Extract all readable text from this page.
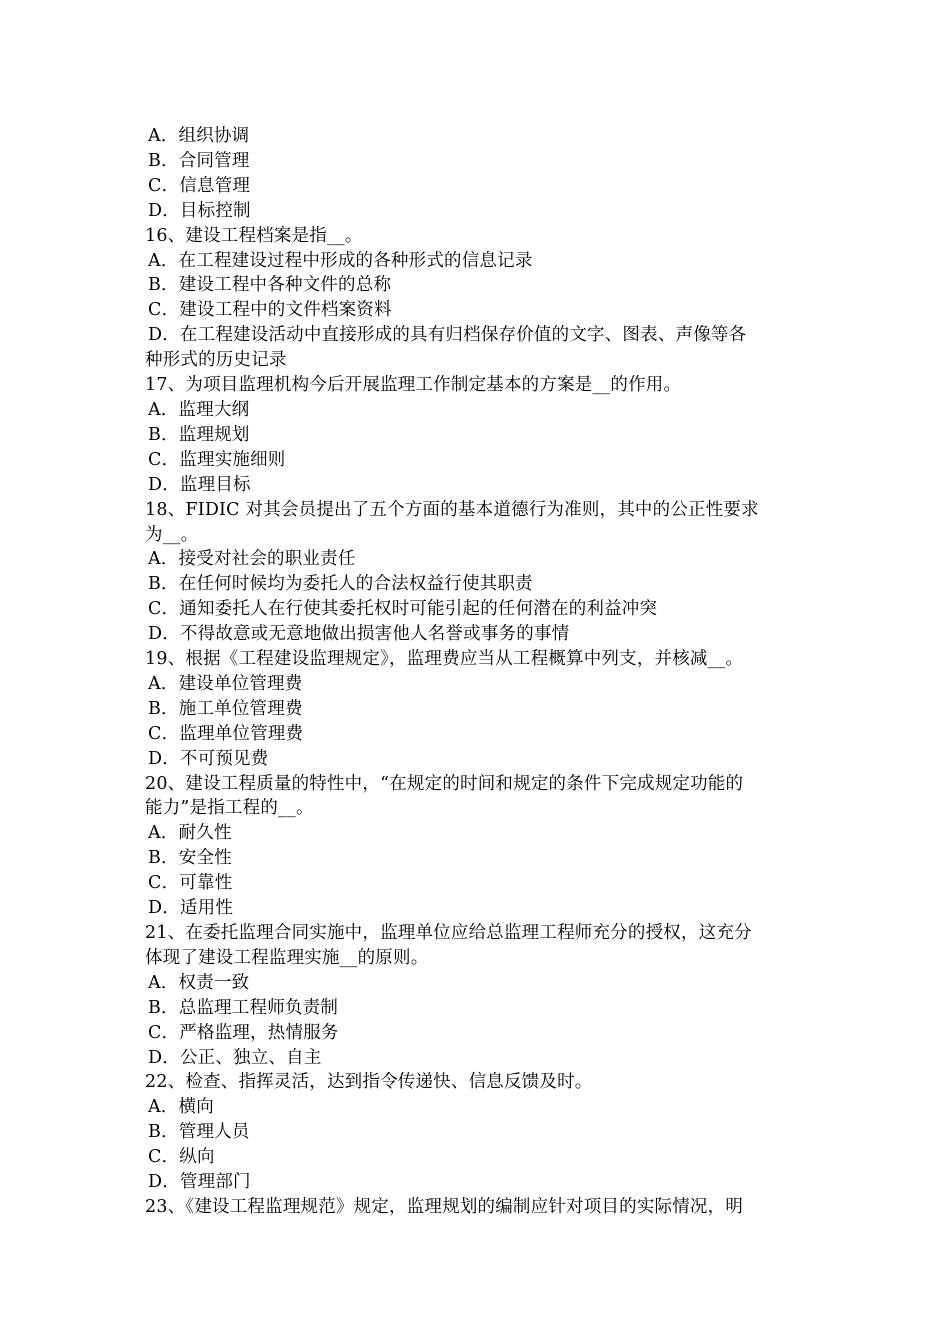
A．组织协调
B．合同管理
C．信息管理
D．目标控制
16、建设工程档案是指__。
A．在工程建设过程中形成的各种形式的信息记录
B．建设工程中各种文件的总称
C．建设工程中的文件档案资料
D．在工程建设活动中直接形成的具有归档保存价值的文字、图表、声像等各
种形式的历史记录
17、为项目监理机构今后开展监理工作制定基本的方案是__的作用。
A．监理大纲
B．监理规划
C．监理实施细则
D．监理目标
18、FIDIC 对其会员提出了五个方面的基本道德行为准则，其中的公正性要求
为__。
A．接受对社会的职业责任
B．在任何时候均为委托人的合法权益行使其职责
C．通知委托人在行使其委托权时可能引起的任何潜在的利益冲突
D．不得故意或无意地做出损害他人名誉或事务的事情
19、根据《工程建设监理规定》，监理费应当从工程概算中列支，并核减__。
A．建设单位管理费
B．施工单位管理费
C．监理单位管理费
D．不可预见费
20、建设工程质量的特性中，“在规定的时间和规定的条件下完成规定功能的
能力”是指工程的__。
A．耐久性
B．安全性
C．可靠性
D．适用性
21、在委托监理合同实施中，监理单位应给总监理工程师充分的授权，这充分
体现了建设工程监理实施__的原则。
A．权责一致
B．总监理工程师负责制
C．严格监理，热情服务
D．公正、独立、自主
22、检查、指挥灵活，达到指令传递快、信息反馈及时。
A．横向
B．管理人员
C．纵向
D．管理部门
23、《建设工程监理规范》规定，监理规划的编制应针对项目的实际情况，明
